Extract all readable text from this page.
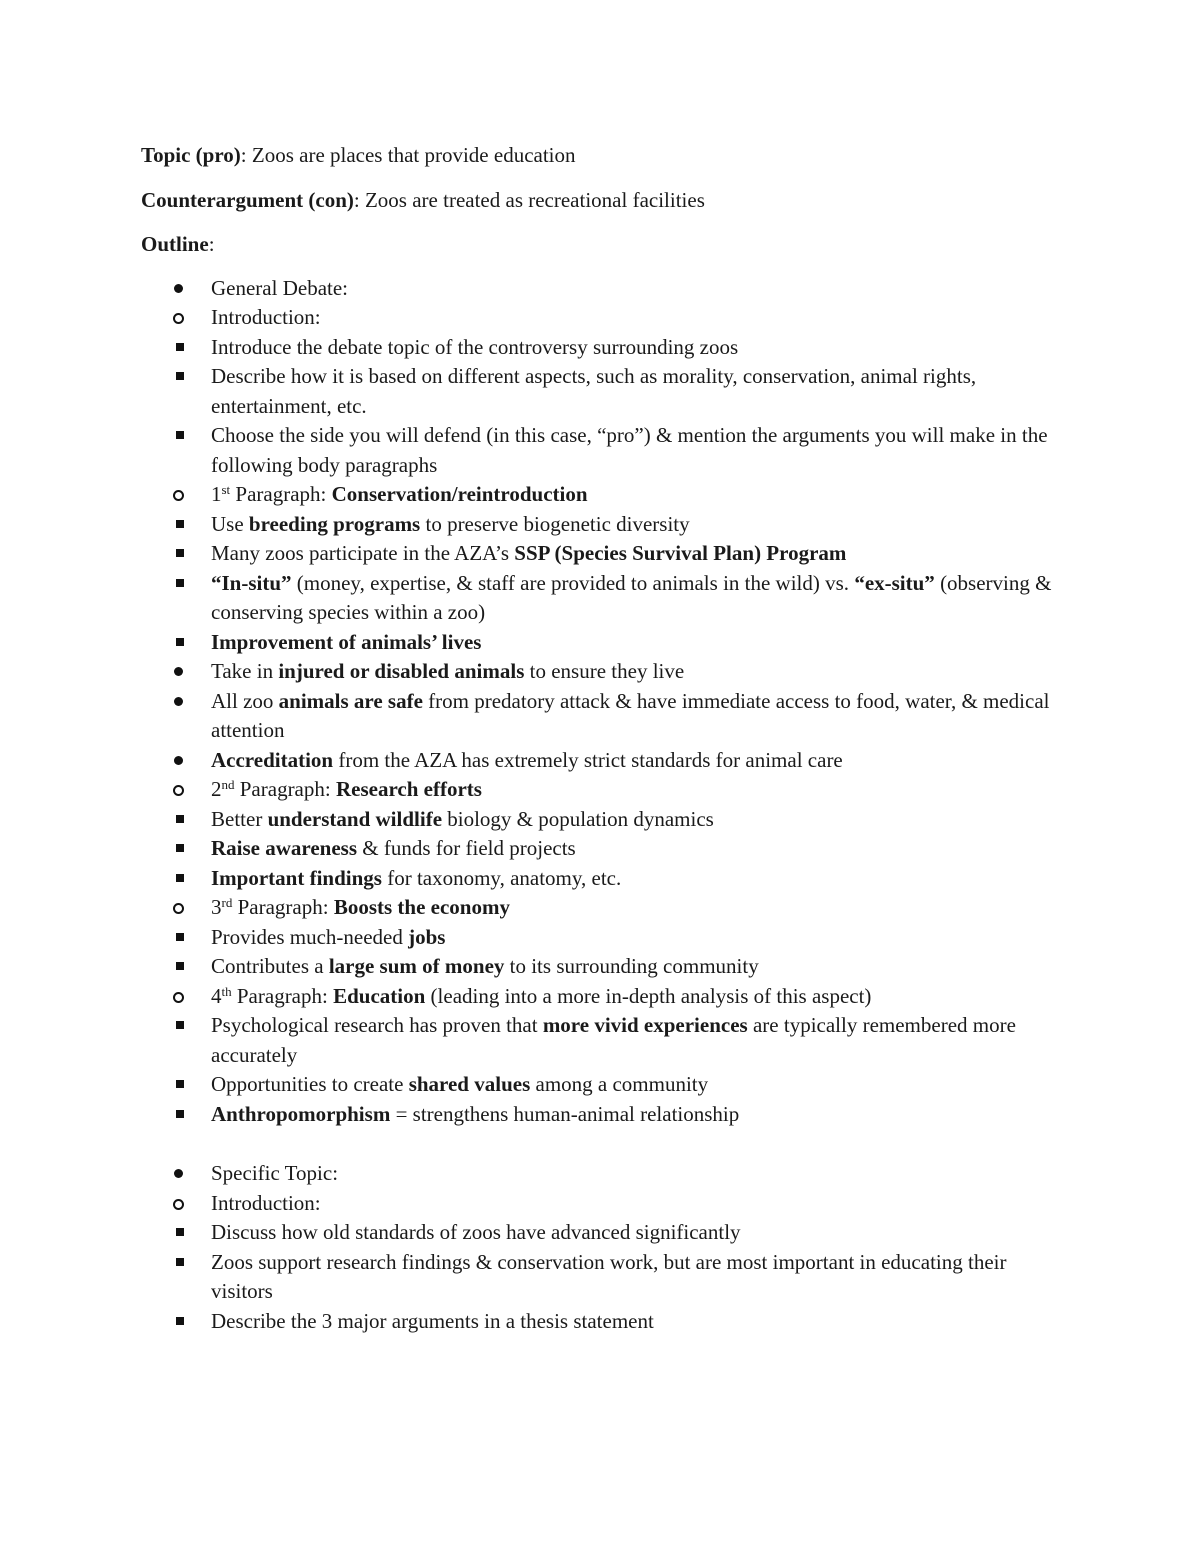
Topic (pro): Zoos are places that provide education

Counterargument (con): Zoos are treated as recreational facilities

Outline:

General Debate:
Introduction:
Introduce the debate topic of the controversy surrounding zoos
Describe how it is based on different aspects, such as morality, conservation, animal rights, entertainment, etc.
Choose the side you will defend (in this case, “pro”) & mention the arguments you will make in the following body paragraphs
1st Paragraph: Conservation/reintroduction
Use breeding programs to preserve biogenetic diversity
Many zoos participate in the AZA’s SSP (Species Survival Plan) Program
“In-situ” (money, expertise, & staff are provided to animals in the wild) vs. “ex-situ” (observing & conserving species within a zoo)
Improvement of animals’ lives
Take in injured or disabled animals to ensure they live
All zoo animals are safe from predatory attack & have immediate access to food, water, & medical attention
Accreditation from the AZA has extremely strict standards for animal care
2nd Paragraph: Research efforts
Better understand wildlife biology & population dynamics
Raise awareness & funds for field projects
Important findings for taxonomy, anatomy, etc.
3rd Paragraph: Boosts the economy
Provides much-needed jobs
Contributes a large sum of money to its surrounding community
4th Paragraph: Education (leading into a more in-depth analysis of this aspect)
Psychological research has proven that more vivid experiences are typically remembered more accurately
Opportunities to create shared values among a community
Anthropomorphism = strengthens human-animal relationship
Specific Topic:
Introduction:
Discuss how old standards of zoos have advanced significantly
Zoos support research findings & conservation work, but are most important in educating their visitors
Describe the 3 major arguments in a thesis statement
